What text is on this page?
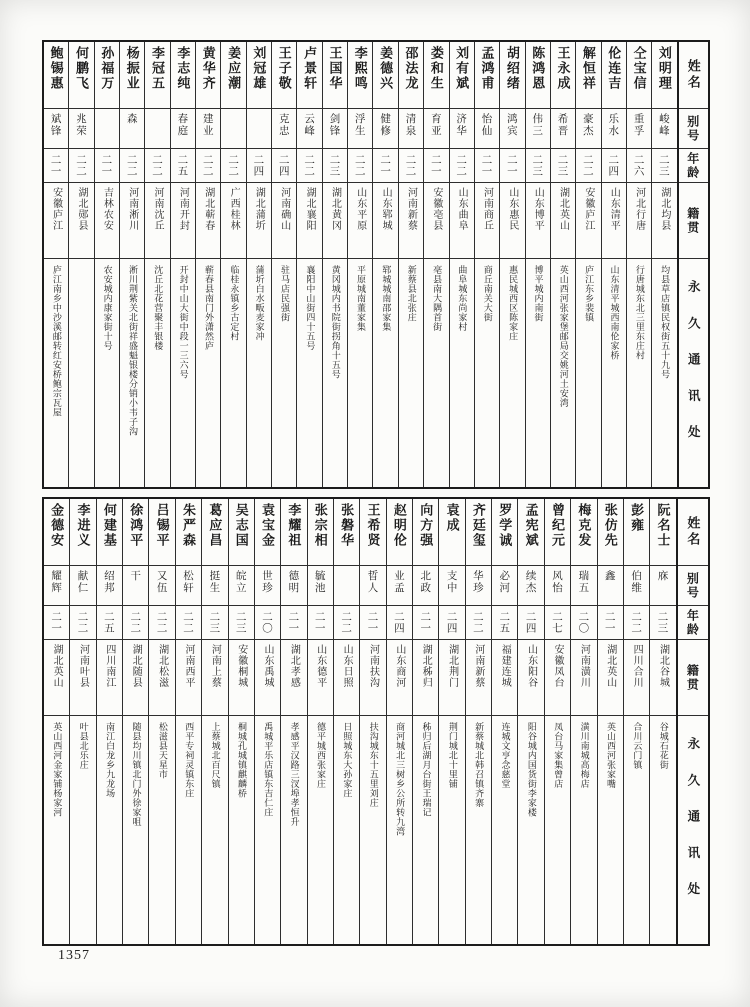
鲍锡惠
斌锋
二一
安徽庐江
庐江南乡中沙溪邮转红安桥鲍宗瓦屋
何鹏飞
兆荣
二二
湖北郧县
孙福万
二一
吉林农安
农安城内康家街十号
杨振业
森
二二
河南淅川
淅川荆紫关北街祥盛魁银楼分销小韦子沟
李冠五
二二
河南沈丘
沈丘北花营聚丰银楼
李志纯
春庭
二五
河南开封
开封中山大街中段一三六号
黄华齐
建业
二二
湖北蕲春
蕲春县南门外潇然庐
姜应潮
二二
广西桂林
临桂永镇乡古定村
刘冠雄
二四
湖北蒲圻
蒲圻白水畈麦家冲
王子敬
克忠
二四
河南确山
驻马店民强街
卢景轩
云峰
二二
湖北襄阳
襄阳中山街四十五号
王国华
剑锋
二三
湖北黄冈
黄冈城内书院街拐角十五号
李熙鸣
浮生
二二
山东平原
平原城南董家集
姜德兴
健修
二一
山东郓城
郓城城南邵家集
邵法龙
清泉
二二
河南新蔡
新蔡县北张庄
娄和生
育亚
二一
安徽亳县
亳县南大隅首街
刘有斌
济华
二二
山东曲阜
曲阜城东尚家村
孟鸿甫
怡仙
二一
河南商丘
商丘南关大街
胡绍绪
鸿宾
二一
山东惠民
惠民城西区陈家庄
陈鸿恩
伟三
二三
山东博平
博平城内南街
王永成
希晋
二三
湖北英山
英山西河张家堡邮局交姚河土安湾
解恒祥
豪杰
二二
安徽庐江
庐江东乡裴镇
伦连吉
乐水
二四
山东清平
山东清平城西南伦家桥
仝宝信
重孚
二六
河北行唐
行唐城东北三里东庄村
刘明理
峻峰
二三
湖北均县
均县草店镇民权街五十九号
姓名
别号
年龄
籍贯
永久通讯处
金德安
耀辉
二一
湖北英山
英山西河金家铺杨家河
李进义
献仁
二二
河南叶县
叶县北乐庄
何建基
绍邦
二五
四川南江
南江白龙乡九龙场
徐鸿平
干
二二
湖北随县
随县均川镇北门外徐家咀
吕锡平
又伍
二二
湖北松滋
松滋县天星市
朱严森
松轩
二二
河南西平
西平专祠灵镇东庄
葛应昌
挺生
二三
河南上蔡
上蔡城北百尺镇
吴志国
皖立
二三
安徽桐城
桐城孔城镇麒麟桥
袁宝金
世珍
二〇
山东禹城
禹城平乐店镇东吉仁庄
李耀祖
德明
二一
湖北孝感
孝感平汉路三汊埠孝恒升
张宗相
毓池
二一
山东德平
德平城西张家庄
张磐华
二二
山东日照
日照城东大孙家庄
王希贤
晢人
二一
河南扶沟
扶沟城东十五里刘庄
赵明伦
业孟
二四
山东商河
商河城北三树乡公所转九湾
向方强
北政
二一
湖北秭归
秭归后湖月台街王瑞记
袁成
支中
二四
湖北荆门
荆门城北十里铺
齐廷玺
华珍
二二
河南新蔡
新蔡城北韩召镇齐寨
罗学诚
必河
二五
福建连城
连城文亨念慈堂
孟宪斌
续杰
二四
山东阳谷
阳谷城内国货街李家楼
曾纪元
风怡
二七
安徽凤台
凤台马家集曾店
梅克发
瑞五
二〇
河南潢川
潢川南城高梅店
张仿先
鑫
二一
湖北英山
英山西河张家嘴
彭雍
伯维
二二
四川合川
合川云门镇
阮名士
庥
二三
湖北谷城
谷城石花街
姓名
别号
年龄
籍贯
永久通讯处
1357
